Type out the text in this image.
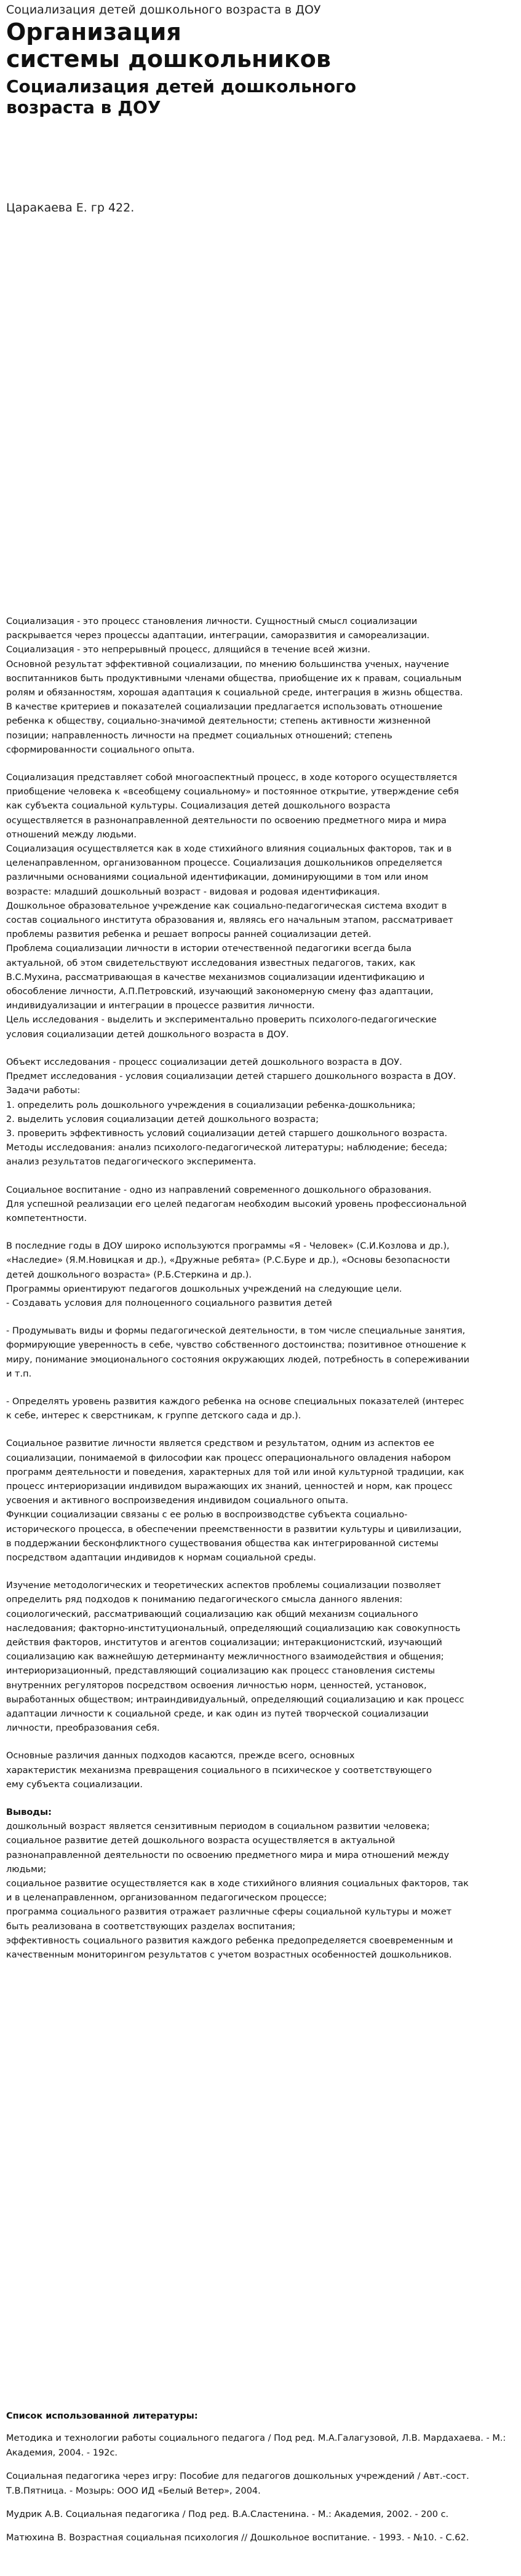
Социализация детей дошкольного возраста в ДОУ
Организация
системы дошкольников
Социализация детей дошкольного
возраста в ДОУ

Царакаева Е. гр 422.

Социализация - это процесс становления личности. Сущностный смысл социализации
раскрывается через процессы адаптации, интеграции, саморазвития и самореализации.
Социализация - это непрерывный процесс, длящийся в течение всей жизни.
Основной результат эффективной социализации, по мнению большинства ученых, научение
воспитанников быть продуктивными членами общества, приобщение их к правам, социальным
ролям и обязанностям, хорошая адаптация к социальной среде, интеграция в жизнь общества.
В качестве критериев и показателей социализации предлагается использовать отношение
ребенка к обществу, социально-значимой деятельности; степень активности жизненной
позиции; направленность личности на предмет социальных отношений; степень
сформированности социального опыта.

Социализация представляет собой многоаспектный процесс, в ходе которого осуществляется
приобщение человека к «всеобщему социальному» и постоянное открытие, утверждение себя
как субъекта социальной культуры. Социализация детей дошкольного возраста
осуществляется в разнонаправленной деятельности по освоению предметного мира и мира
отношений между людьми.
Социализация осуществляется как в ходе стихийного влияния социальных факторов, так и в
целенаправленном, организованном процессе. Социализация дошкольников определяется
различными основаниями социальной идентификации, доминирующими в том или ином
возрасте: младший дошкольный возраст - видовая и родовая идентификация.
Дошкольное образовательное учреждение как социально-педагогическая система входит в
состав социального института образования и, являясь его начальным этапом, рассматривает
проблемы развития ребенка и решает вопросы ранней социализации детей.
Проблема социализации личности в истории отечественной педагогики всегда была
актуальной, об этом свидетельствуют исследования известных педагогов, таких, как
В.С.Мухина, рассматривающая в качестве механизмов социализации идентификацию и
обособление личности, А.П.Петровский, изучающий закономерную смену фаз адаптации,
индивидуализации и интеграции в процессе развития личности.
Цель исследования - выделить и экспериментально проверить психолого-педагогические
условия социализации детей дошкольного возраста в ДОУ.

Объект исследования - процесс социализации детей дошкольного возраста в ДОУ.
Предмет исследования - условия социализации детей старшего дошкольного возраста в ДОУ.
Задачи работы:
1. определить роль дошкольного учреждения в социализации ребенка-дошкольника;
2. выделить условия социализации детей дошкольного возраста;
3. проверить эффективность условий социализации детей старшего дошкольного возраста.
Методы исследования: анализ психолого-педагогической литературы; наблюдение; беседа;
анализ результатов педагогического эксперимента.

Социальное воспитание - одно из направлений современного дошкольного образования.
Для успешной реализации его целей педагогам необходим высокий уровень профессиональной
компетентности.

В последние годы в ДОУ широко используются программы «Я - Человек» (С.И.Козлова и др.),
«Наследие» (Я.М.Новицкая и др.), «Дружные ребята» (Р.С.Буре и др.), «Основы безопасности
детей дошкольного возраста» (Р.Б.Стеркина и др.).
Программы ориентируют педагогов дошкольных учреждений на следующие цели.
- Создавать условия для полноценного социального развития детей

- Продумывать виды и формы педагогической деятельности, в том числе специальные занятия,
формирующие уверенность в себе, чувство собственного достоинства; позитивное отношение к
миру, понимание эмоционального состояния окружающих людей, потребность в сопереживании
и т.п.

- Определять уровень развития каждого ребенка на основе специальных показателей (интерес
к себе, интерес к сверстникам, к группе детского сада и др.).

Социальное развитие личности является средством и результатом, одним из аспектов ее
социализации, понимаемой в философии как процесс операционального овладения набором
программ деятельности и поведения, характерных для той или иной культурной традиции, как
процесс интериоризации индивидом выражающих их знаний, ценностей и норм, как процесс
усвоения и активного воспроизведения индивидом социального опыта.
Функции социализации связаны с ее ролью в воспроизводстве субъекта социально-
исторического процесса, в обеспечении преемственности в развитии культуры и цивилизации,
в поддержании бесконфликтного существования общества как интегрированной системы
посредством адаптации индивидов к нормам социальной среды.

Изучение методологических и теоретических аспектов проблемы социализации позволяет
определить ряд подходов к пониманию педагогического смысла данного явления:
социологический, рассматривающий социализацию как общий механизм социального
наследования; факторно-институциональный, определяющий социализацию как совокупность
действия факторов, институтов и агентов социализации; интеракционистский, изучающий
социализацию как важнейшую детерминанту межличностного взаимодействия и общения;
интериоризационный, представляющий социализацию как процесс становления системы
внутренних регуляторов посредством освоения личностью норм, ценностей, установок,
выработанных обществом; интраиндивидуальный, определяющий социализацию и как процесс
адаптации личности к социальной среде, и как один из путей творческой социализации
личности, преобразования себя.

Основные различия данных подходов касаются, прежде всего, основных
характеристик механизма превращения социального в психическое у соответствующего
ему субъекта социализации.

Выводы:

дошкольный возраст является сензитивным периодом в социальном развитии человека;
социальное развитие детей дошкольного возраста осуществляется в актуальной
разнонаправленной деятельности по освоению предметного мира и мира отношений между
людьми;
социальное развитие осуществляется как в ходе стихийного влияния социальных факторов, так
и в целенаправленном, организованном педагогическом процессе;
программа социального развития отражает различные сферы социальной культуры и может
быть реализована в соответствующих разделах воспитания;
эффективность социального развития каждого ребенка предопределяется своевременным и
качественным мониторингом результатов с учетом возрастных особенностей дошкольников.

Список использованной литературы:

Методика и технологии работы социального педагога / Под ред. М.А.Галагузовой, Л.В. Мардахаева. - М.: Академия, 2004. - 192с.

Социальная педагогика через игру: Пособие для педагогов дошкольных учреждений / Авт.-сост. Т.В.Пятница. - Мозырь: ООО ИД «Белый Ветер», 2004.

Мудрик А.В. Социальная педагогика / Под ред. В.А.Сластенина. - М.: Академия, 2002. - 200 с.

Матюхина В. Возрастная социальная психология // Дошкольное воспитание. - 1993. - №10. - С.62.
